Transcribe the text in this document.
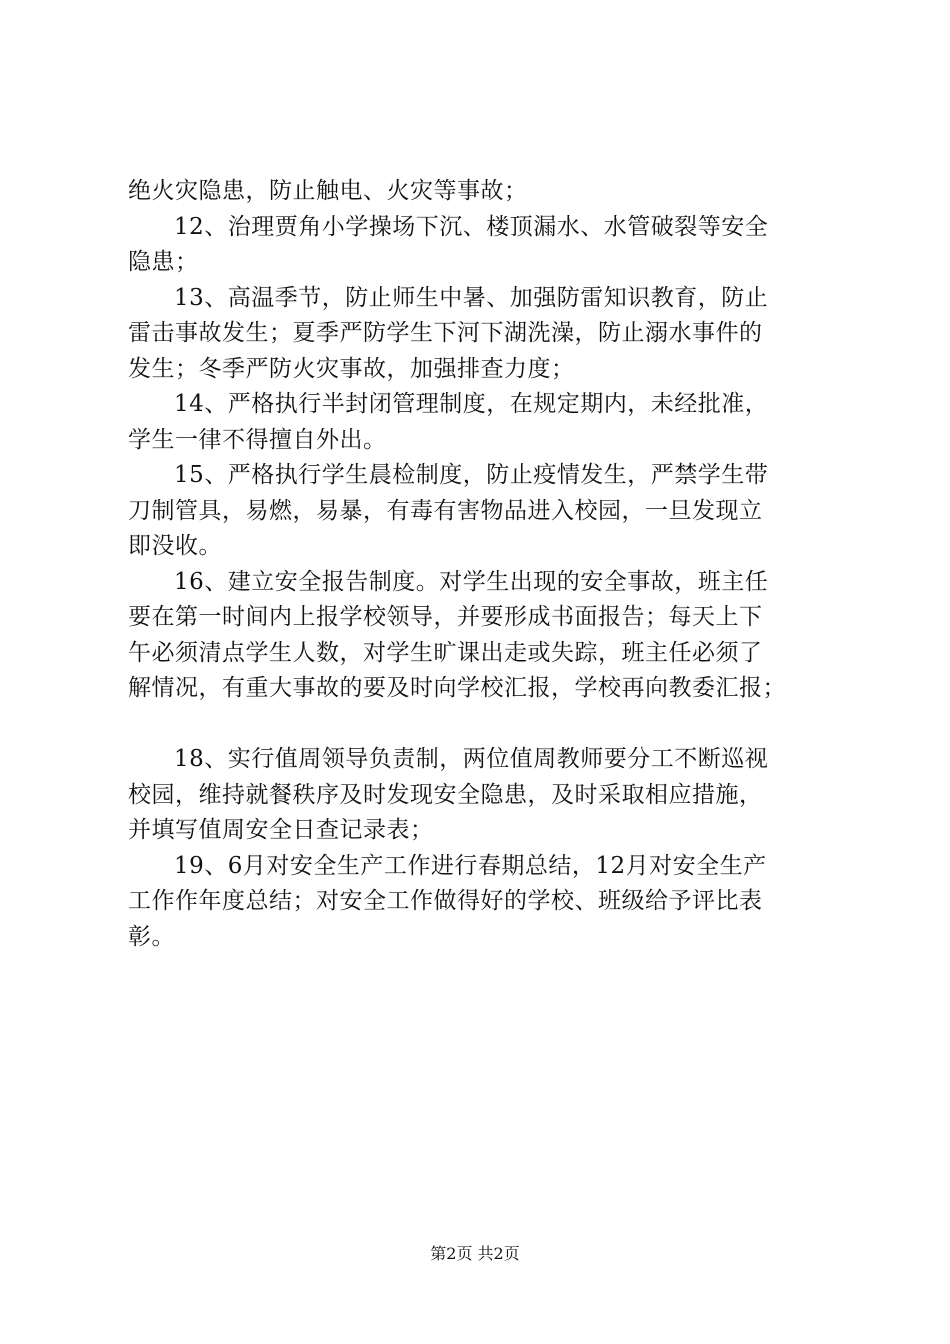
绝火灾隐患，防止触电、火灾等事故；
12、治理贾角小学操场下沉、楼顶漏水、水管破裂等安全
隐患；
13、高温季节，防止师生中暑、加强防雷知识教育，防止
雷击事故发生；夏季严防学生下河下湖洗澡，防止溺水事件的
发生；冬季严防火灾事故，加强排查力度；
14、严格执行半封闭管理制度，在规定期内，未经批准，
学生一律不得擅自外出。
15、严格执行学生晨检制度，防止疫情发生，严禁学生带
刀制管具，易燃，易暴，有毒有害物品进入校园，一旦发现立
即没收。
16、建立安全报告制度。对学生出现的安全事故，班主任
要在第一时间内上报学校领导，并要形成书面报告；每天上下
午必须清点学生人数，对学生旷课出走或失踪，班主任必须了
解情况，有重大事故的要及时向学校汇报，学校再向教委汇报；
18、实行值周领导负责制，两位值周教师要分工不断巡视
校园，维持就餐秩序及时发现安全隐患，及时采取相应措施，
并填写值周安全日查记录表；
19、6月对安全生产工作进行春期总结，12月对安全生产
工作作年度总结；对安全工作做得好的学校、班级给予评比表
彰。
第2页 共2页
